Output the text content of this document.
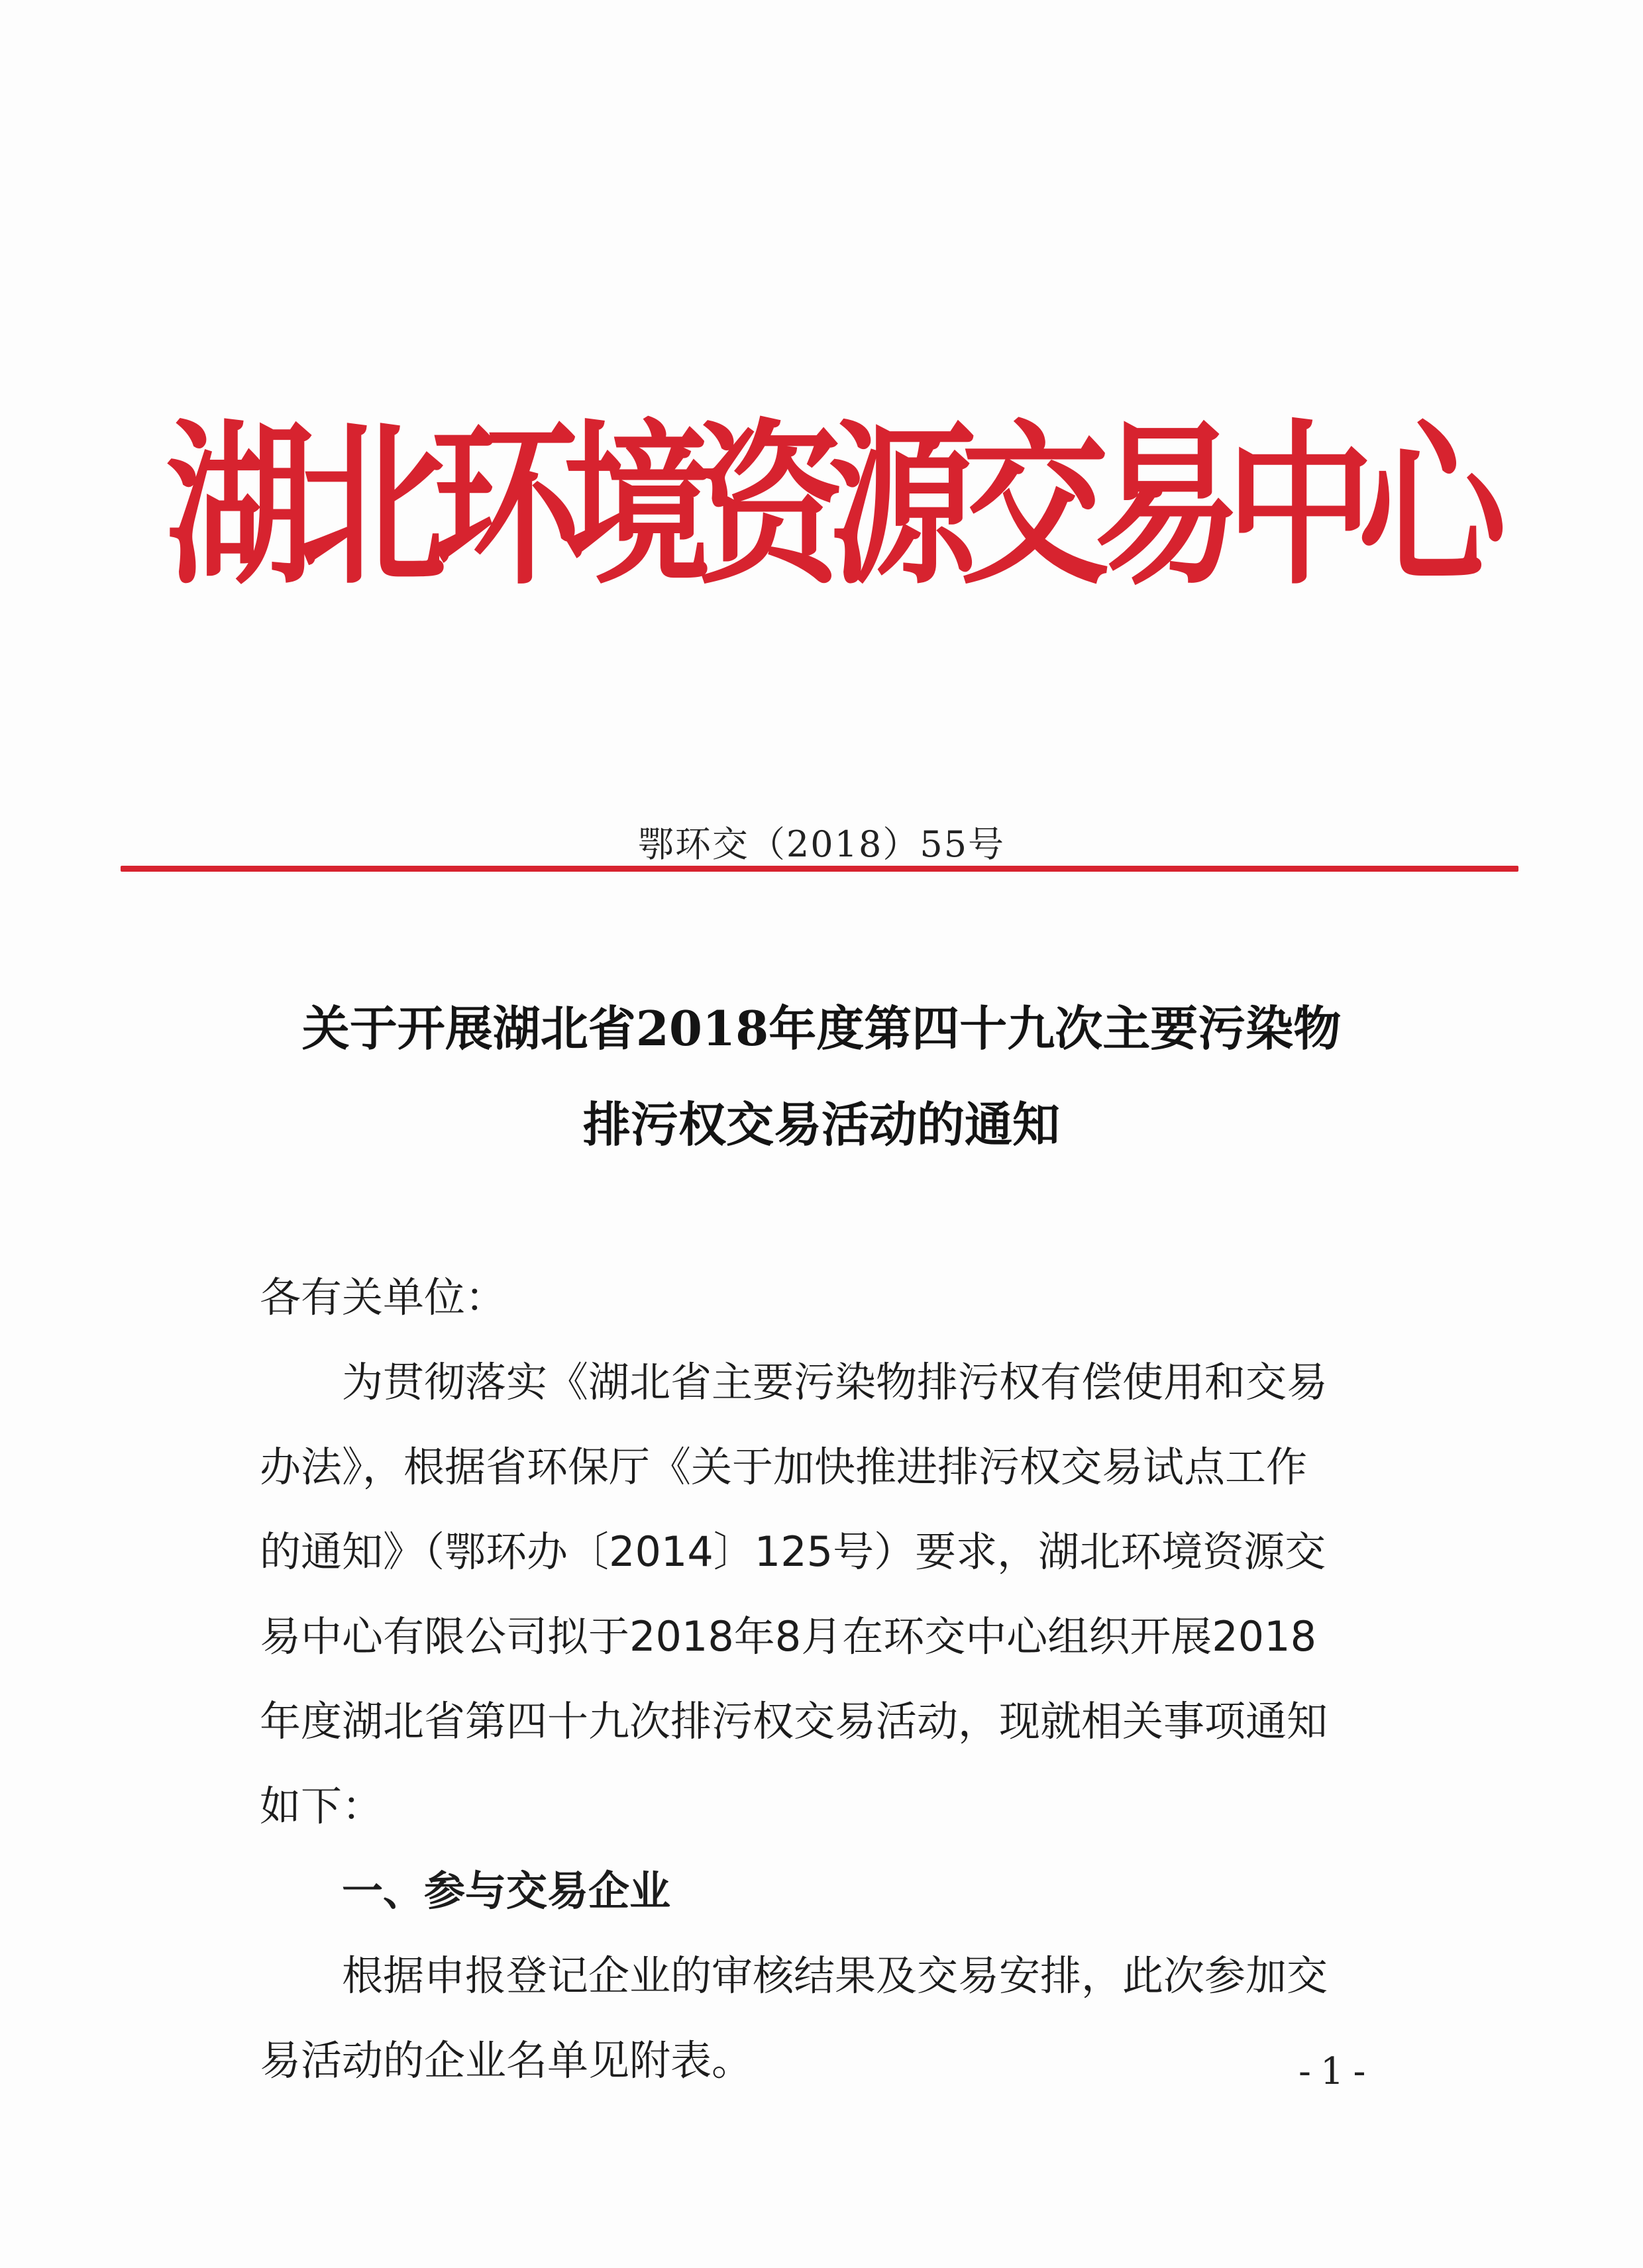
湖
北
环
境
资
源
交
易
中
心
鄂环交（2018）55号
关于开展湖北省2018年度第四十九次主要污染物
排污权交易活动的通知
各有关单位：
为贯彻落实《湖北省主要污染物排污权有偿使用和交易
办法》，根据省环保厅《关于加快推进排污权交易试点工作
的通知》（鄂环办〔2014〕125号）要求，湖北环境资源交
易中心有限公司拟于2018年8月在环交中心组织开展2018
年度湖北省第四十九次排污权交易活动，现就相关事项通知
如下：
一、参与交易企业
根据申报登记企业的审核结果及交易安排，此次参加交
易活动的企业名单见附表。	-1-
